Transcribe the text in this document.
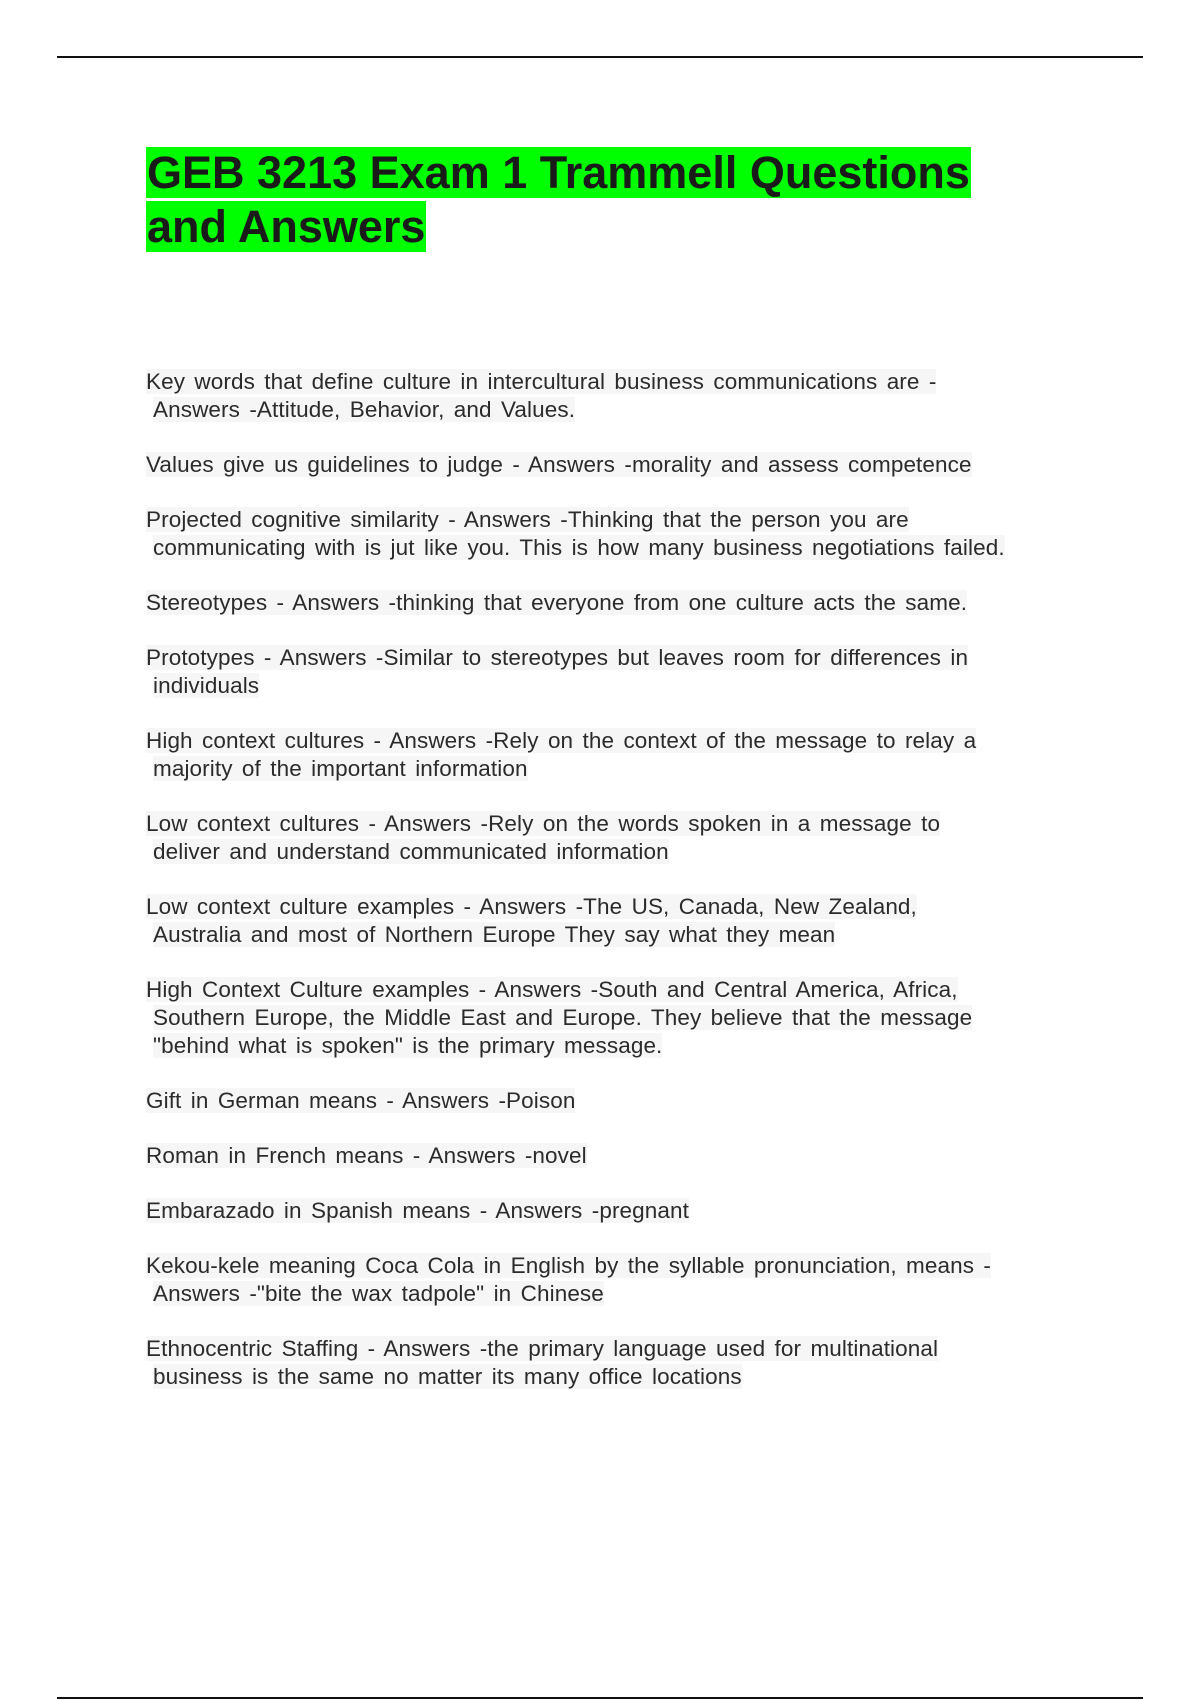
GEB 3213 Exam 1 Trammell Questions and Answers
Key words that define culture in intercultural business communications are -
Answers -Attitude, Behavior, and Values.
Values give us guidelines to judge - Answers -morality and assess competence
Projected cognitive similarity - Answers -Thinking that the person you are
communicating with is jut like you. This is how many business negotiations failed.
Stereotypes - Answers -thinking that everyone from one culture acts the same.
Prototypes - Answers -Similar to stereotypes but leaves room for differences in
individuals
High context cultures - Answers -Rely on the context of the message to relay a
majority of the important information
Low context cultures - Answers -Rely on the words spoken in a message to
deliver and understand communicated information
Low context culture examples - Answers -The US, Canada, New Zealand,
Australia and most of Northern Europe They say what they mean
High Context Culture examples - Answers -South and Central America, Africa,
Southern Europe, the Middle East and Europe. They believe that the message
"behind what is spoken" is the primary message.
Gift in German means - Answers -Poison
Roman in French means - Answers -novel
Embarazado in Spanish means - Answers -pregnant
Kekou-kele meaning Coca Cola in English by the syllable pronunciation, means -
Answers -"bite the wax tadpole" in Chinese
Ethnocentric Staffing - Answers -the primary language used for multinational
business is the same no matter its many office locations
